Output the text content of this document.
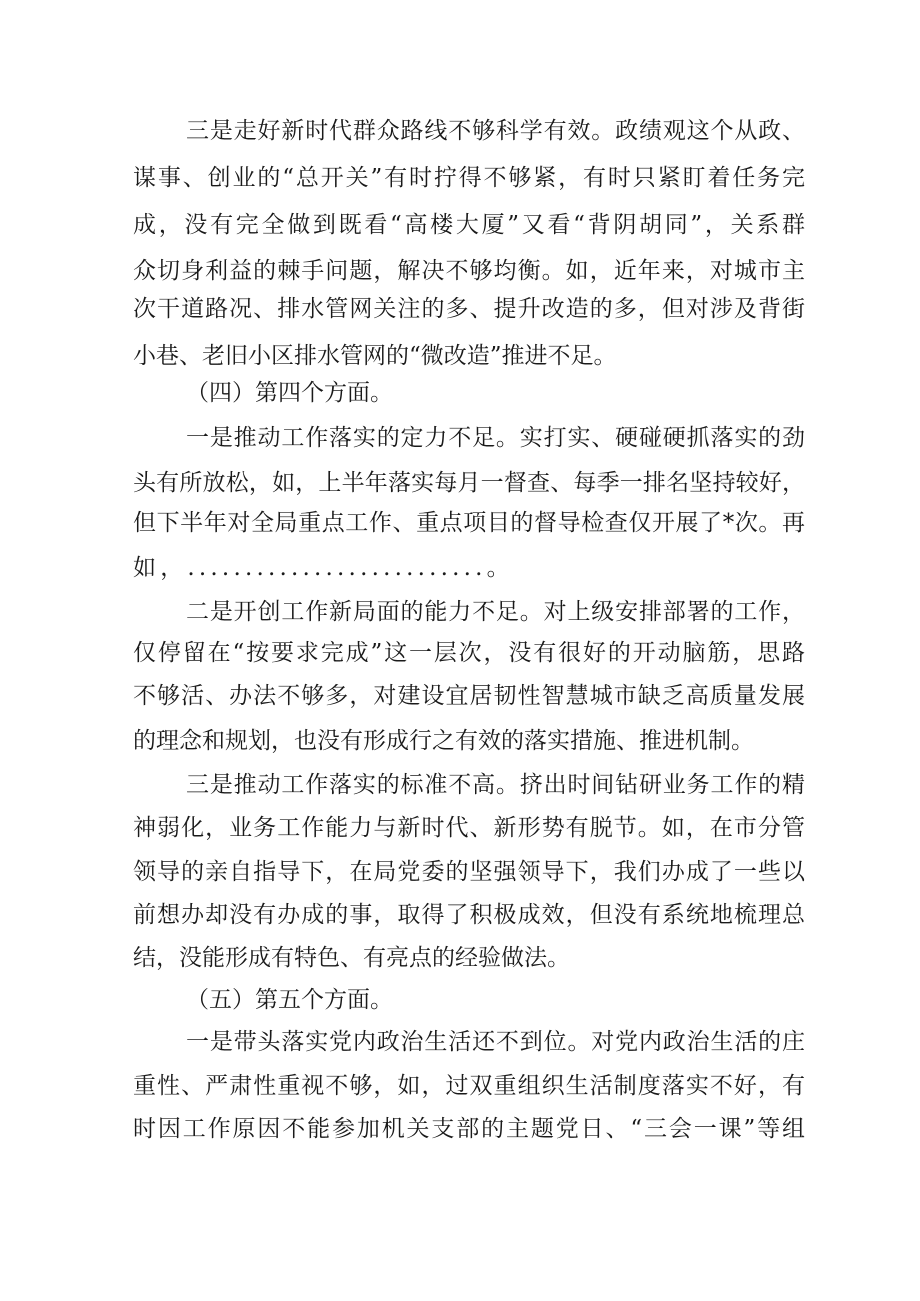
三是走好新时代群众路线不够科学有效。政绩观这个从政、
谋事、创业的“总开关”有时拧得不够紧，有时只紧盯着任务完
成，没有完全做到既看“高楼大厦”又看“背阴胡同”，关系群
众切身利益的棘手问题，解决不够均衡。如，近年来，对城市主
次干道路况、排水管网关注的多、提升改造的多，但对涉及背街
小巷、老旧小区排水管网的“微改造”推进不足。
（四）第四个方面。
一是推动工作落实的定力不足。实打实、硬碰硬抓落实的劲
头有所放松，如，上半年落实每月一督查、每季一排名坚持较好，
但下半年对全局重点工作、重点项目的督导检查仅开展了*次。再
如，..........................。
二是开创工作新局面的能力不足。对上级安排部署的工作，
仅停留在“按要求完成”这一层次，没有很好的开动脑筋，思路
不够活、办法不够多，对建设宜居韧性智慧城市缺乏高质量发展
的理念和规划，也没有形成行之有效的落实措施、推进机制。
三是推动工作落实的标准不高。挤出时间钻研业务工作的精
神弱化，业务工作能力与新时代、新形势有脱节。如，在市分管
领导的亲自指导下，在局党委的坚强领导下，我们办成了一些以
前想办却没有办成的事，取得了积极成效，但没有系统地梳理总
结，没能形成有特色、有亮点的经验做法。
（五）第五个方面。
一是带头落实党内政治生活还不到位。对党内政治生活的庄
重性、严肃性重视不够，如，过双重组织生活制度落实不好，有
时因工作原因不能参加机关支部的主题党日、“三会一课”等组
